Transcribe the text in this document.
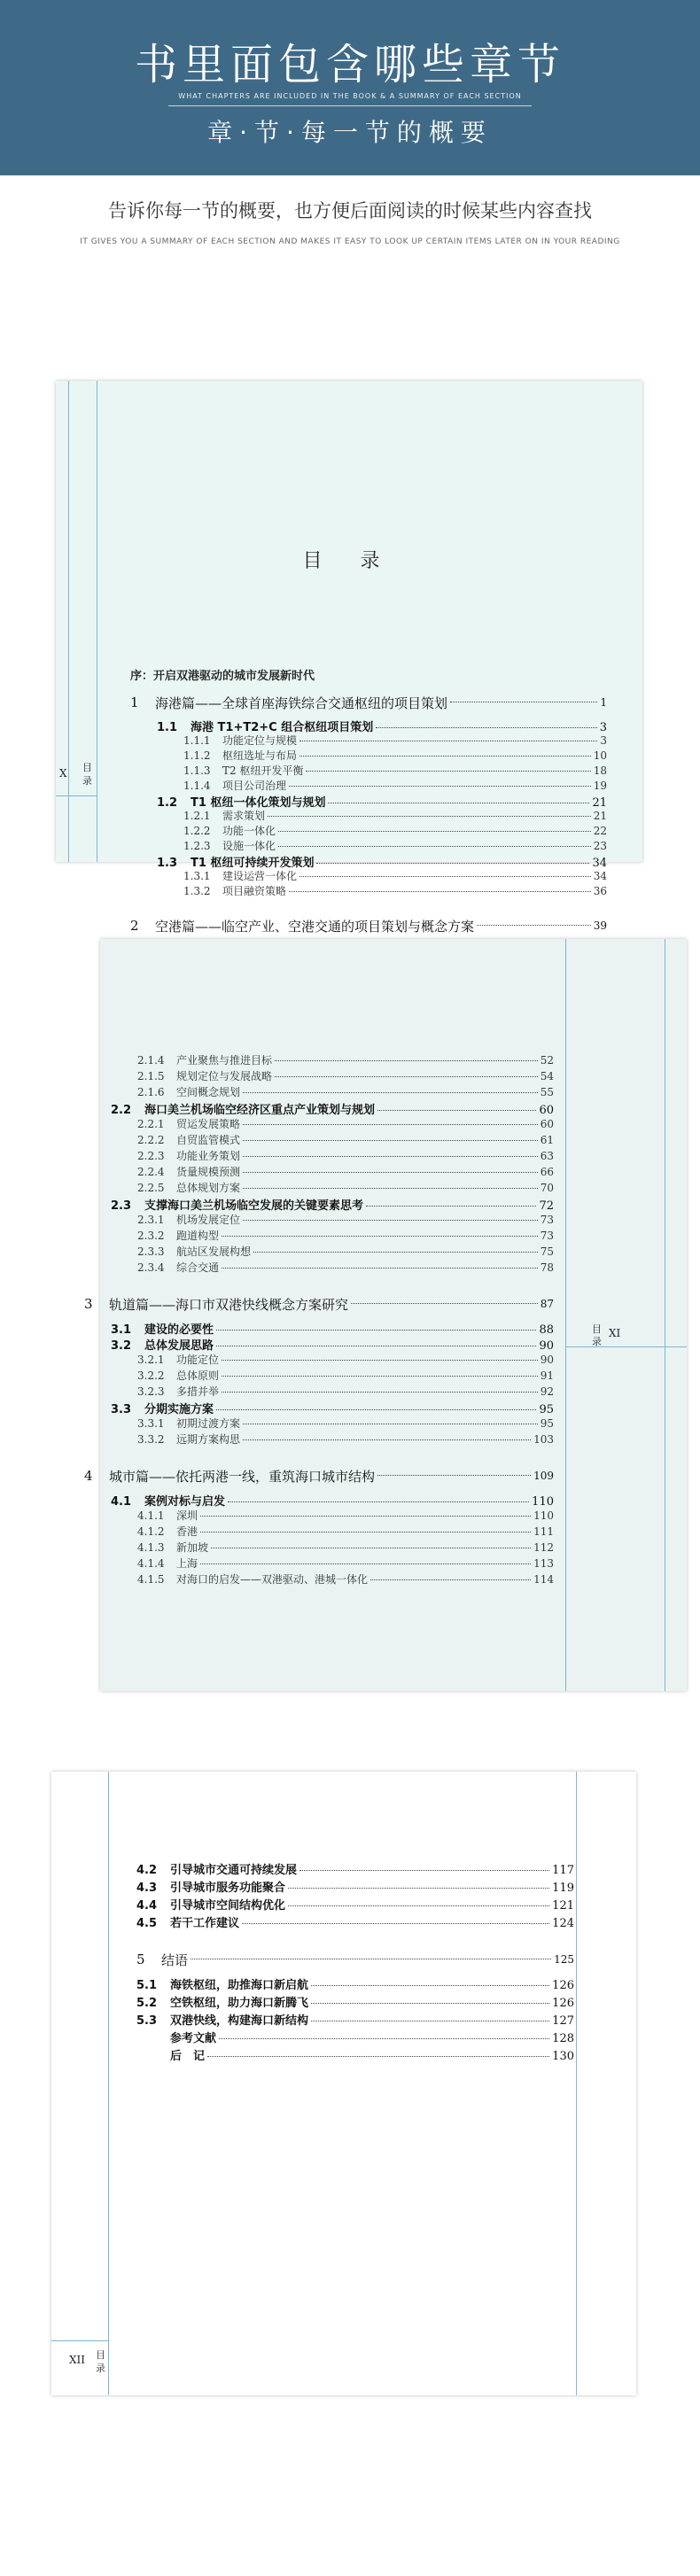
书里面包含哪些章节
WHAT CHAPTERS ARE INCLUDED IN THE BOOK & A SUMMARY OF EACH SECTION
章·节·每一节的概要
告诉你每一节的概要，也方便后面阅读的时候某些内容查找
IT GIVES YOU A SUMMARY OF EACH SECTION AND MAKES IT EASY TO LOOK UP CERTAIN ITEMS LATER ON IN YOUR READING
X 目
录
目 录
序：开启双港驱动的城市发展新时代
1	海港篇——全球首座海铁综合交通枢纽的项目策划	1
1.1	海港 T1+T2+C 组合枢纽项目策划	3
1.1.1	功能定位与规模	3
1.1.2	枢纽选址与布局	10
1.1.3	T2 枢纽开发平衡	18
1.1.4	项目公司治理	19
1.2	T1 枢纽一体化策划与规划	21
1.2.1	需求策划	21
1.2.2	功能一体化	22
1.2.3	设施一体化	23
1.3	T1 枢纽可持续开发策划	34
1.3.1	建设运营一体化	34
1.3.2	项目融资策略	36
2	空港篇——临空产业、空港交通的项目策划与概念方案	39
目
录
XI
2.1.4	产业聚焦与推进目标	52
2.1.5	规划定位与发展战略	54
2.1.6	空间概念规划	55
2.2	海口美兰机场临空经济区重点产业策划与规划	60
2.2.1	贸运发展策略	60
2.2.2	自贸监管模式	61
2.2.3	功能业务策划	63
2.2.4	货量规模预测	66
2.2.5	总体规划方案	70
2.3	支撑海口美兰机场临空发展的关键要素思考	72
2.3.1	机场发展定位	73
2.3.2	跑道构型	73
2.3.3	航站区发展构想	75
2.3.4	综合交通	78
3	轨道篇——海口市双港快线概念方案研究	87
3.1	建设的必要性	88
3.2	总体发展思路	90
3.2.1	功能定位	90
3.2.2	总体原则	91
3.2.3	多措并举	92
3.3	分期实施方案	95
3.3.1	初期过渡方案	95
3.3.2	远期方案构思	103
4	城市篇——依托两港一线，重筑海口城市结构	109
4.1	案例对标与启发	110
4.1.1	深圳	110
4.1.2	香港	111
4.1.3	新加坡	112
4.1.4	上海	113
4.1.5	对海口的启发——双港驱动、港城一体化	114
XII 目
录
4.2	引导城市交通可持续发展	117
4.3	引导城市服务功能聚合	119
4.4	引导城市空间结构优化	121
4.5	若干工作建议	124
5	结语	125
5.1	海铁枢纽，助推海口新启航	126
5.2	空铁枢纽，助力海口新腾飞	126
5.3	双港快线，构建海口新结构	127
参考文献	128
后　记	130
